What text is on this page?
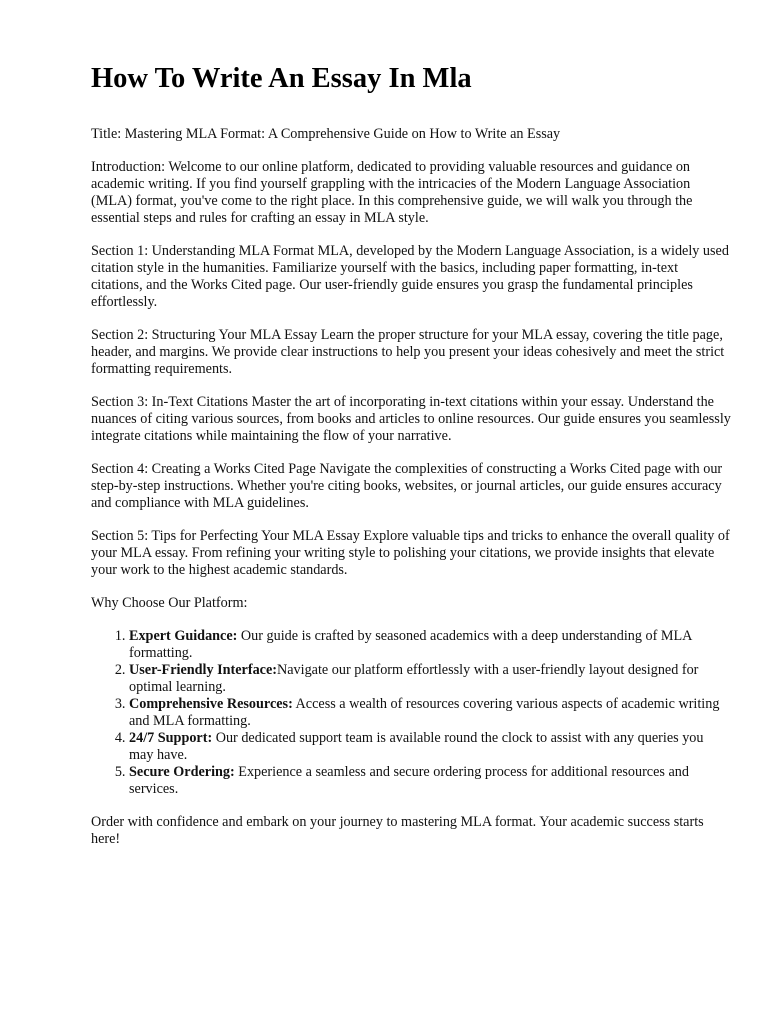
How To Write An Essay In Mla

Title: Mastering MLA Format: A Comprehensive Guide on How to Write an Essay

Introduction: Welcome to our online platform, dedicated to providing valuable resources and guidance on academic writing. If you find yourself grappling with the intricacies of the Modern Language Association (MLA) format, you've come to the right place. In this comprehensive guide, we will walk you through the essential steps and rules for crafting an essay in MLA style.

Section 1: Understanding MLA Format MLA, developed by the Modern Language Association, is a widely used citation style in the humanities. Familiarize yourself with the basics, including paper formatting, in-text citations, and the Works Cited page. Our user-friendly guide ensures you grasp the fundamental principles effortlessly.

Section 2: Structuring Your MLA Essay Learn the proper structure for your MLA essay, covering the title page, header, and margins. We provide clear instructions to help you present your ideas cohesively and meet the strict formatting requirements.

Section 3: In-Text Citations Master the art of incorporating in-text citations within your essay. Understand the nuances of citing various sources, from books and articles to online resources. Our guide ensures you seamlessly integrate citations while maintaining the flow of your narrative.

Section 4: Creating a Works Cited Page Navigate the complexities of constructing a Works Cited page with our step-by-step instructions. Whether you're citing books, websites, or journal articles, our guide ensures accuracy and compliance with MLA guidelines.

Section 5: Tips for Perfecting Your MLA Essay Explore valuable tips and tricks to enhance the overall quality of your MLA essay. From refining your writing style to polishing your citations, we provide insights that elevate your work to the highest academic standards.

Why Choose Our Platform:

1. Expert Guidance: Our guide is crafted by seasoned academics with a deep understanding of MLA formatting.
2. User-Friendly Interface:Navigate our platform effortlessly with a user-friendly layout designed for optimal learning.
3. Comprehensive Resources: Access a wealth of resources covering various aspects of academic writing and MLA formatting.
4. 24/7 Support: Our dedicated support team is available round the clock to assist with any queries you may have.
5. Secure Ordering: Experience a seamless and secure ordering process for additional resources and services.

Order with confidence and embark on your journey to mastering MLA format. Your academic success starts here!
